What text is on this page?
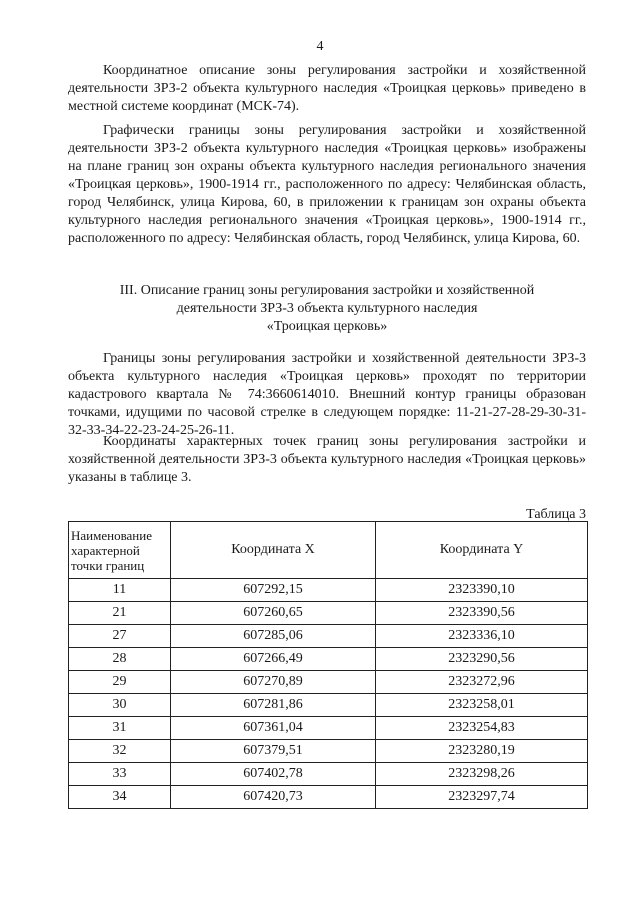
4

Координатное описание зоны регулирования застройки и хозяйственной деятельности ЗРЗ-2 объекта культурного наследия «Троицкая церковь» приведено в местной системе координат (МСК-74).

Графически границы зоны регулирования застройки и хозяйственной деятельности ЗРЗ-2 объекта культурного наследия «Троицкая церковь» изображены на плане границ зон охраны объекта культурного наследия регионального значения «Троицкая церковь», 1900-1914 гг., расположенного по адресу: Челябинская область, город Челябинск, улица Кирова, 60, в приложении к границам зон охраны объекта культурного наследия регионального значения «Троицкая церковь», 1900-1914 гг., расположенного по адресу: Челябинская область, город Челябинск, улица Кирова, 60.

III. Описание границ зоны регулирования застройки и хозяйственной
деятельности ЗРЗ-3 объекта культурного наследия
«Троицкая церковь»

Границы зоны регулирования застройки и хозяйственной деятельности ЗРЗ-3 объекта культурного наследия «Троицкая церковь» проходят по территории кадастрового квартала № 74:3660614010. Внешний контур границы образован точками, идущими по часовой стрелке в следующем порядке: 11-21-27-28-29-30-31-32-33-34-22-23-24-25-26-11.

Координаты характерных точек границ зоны регулирования застройки и хозяйственной деятельности ЗРЗ-3 объекта культурного наследия «Троицкая церковь» указаны в таблице 3.

Таблица 3
Наименование
характерной
точки границ	Координата X	Координата Y
11	607292,15	2323390,10
21	607260,65	2323390,56
27	607285,06	2323336,10
28	607266,49	2323290,56
29	607270,89	2323272,96
30	607281,86	2323258,01
31	607361,04	2323254,83
32	607379,51	2323280,19
33	607402,78	2323298,26
34	607420,73	2323297,74
